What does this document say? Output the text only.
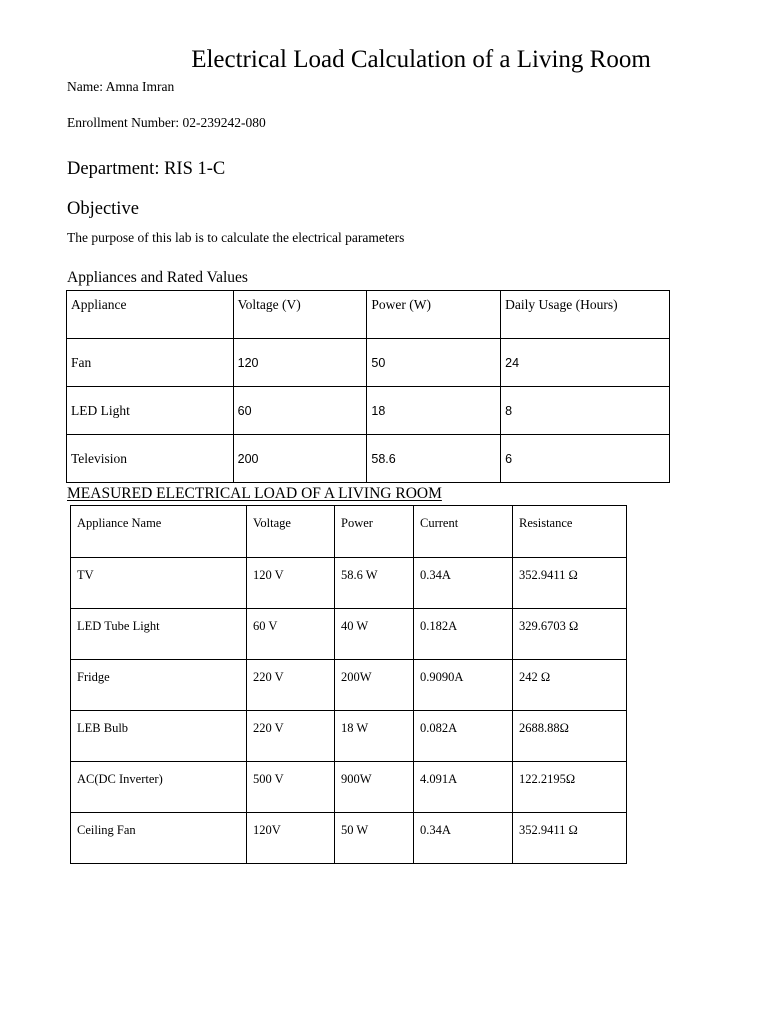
Electrical Load Calculation of a Living Room
Name: Amna Imran
Enrollment Number: 02-239242-080
Department: RIS 1-C
Objective
The purpose of this lab is to calculate the electrical parameters
Appliances and Rated Values
Appliance	Voltage (V)	Power (W)	Daily Usage (Hours)
Fan	120	50	24
LED Light	60	18	8
Television	200	58.6	6
MEASURED ELECTRICAL LOAD OF A LIVING ROOM
Appliance Name	Voltage	Power	Current	Resistance
TV	120 V	58.6 W	0.34A	352.9411 Ω
LED Tube Light	60 V	40 W	0.182A	329.6703 Ω
Fridge	220 V	200W	0.9090A	242 Ω
LEB Bulb	220 V	18 W	0.082A	2688.88Ω
AC(DC Inverter)	500 V	900W	4.091A	122.2195Ω
Ceiling Fan	120V	50 W	0.34A	352.9411 Ω
